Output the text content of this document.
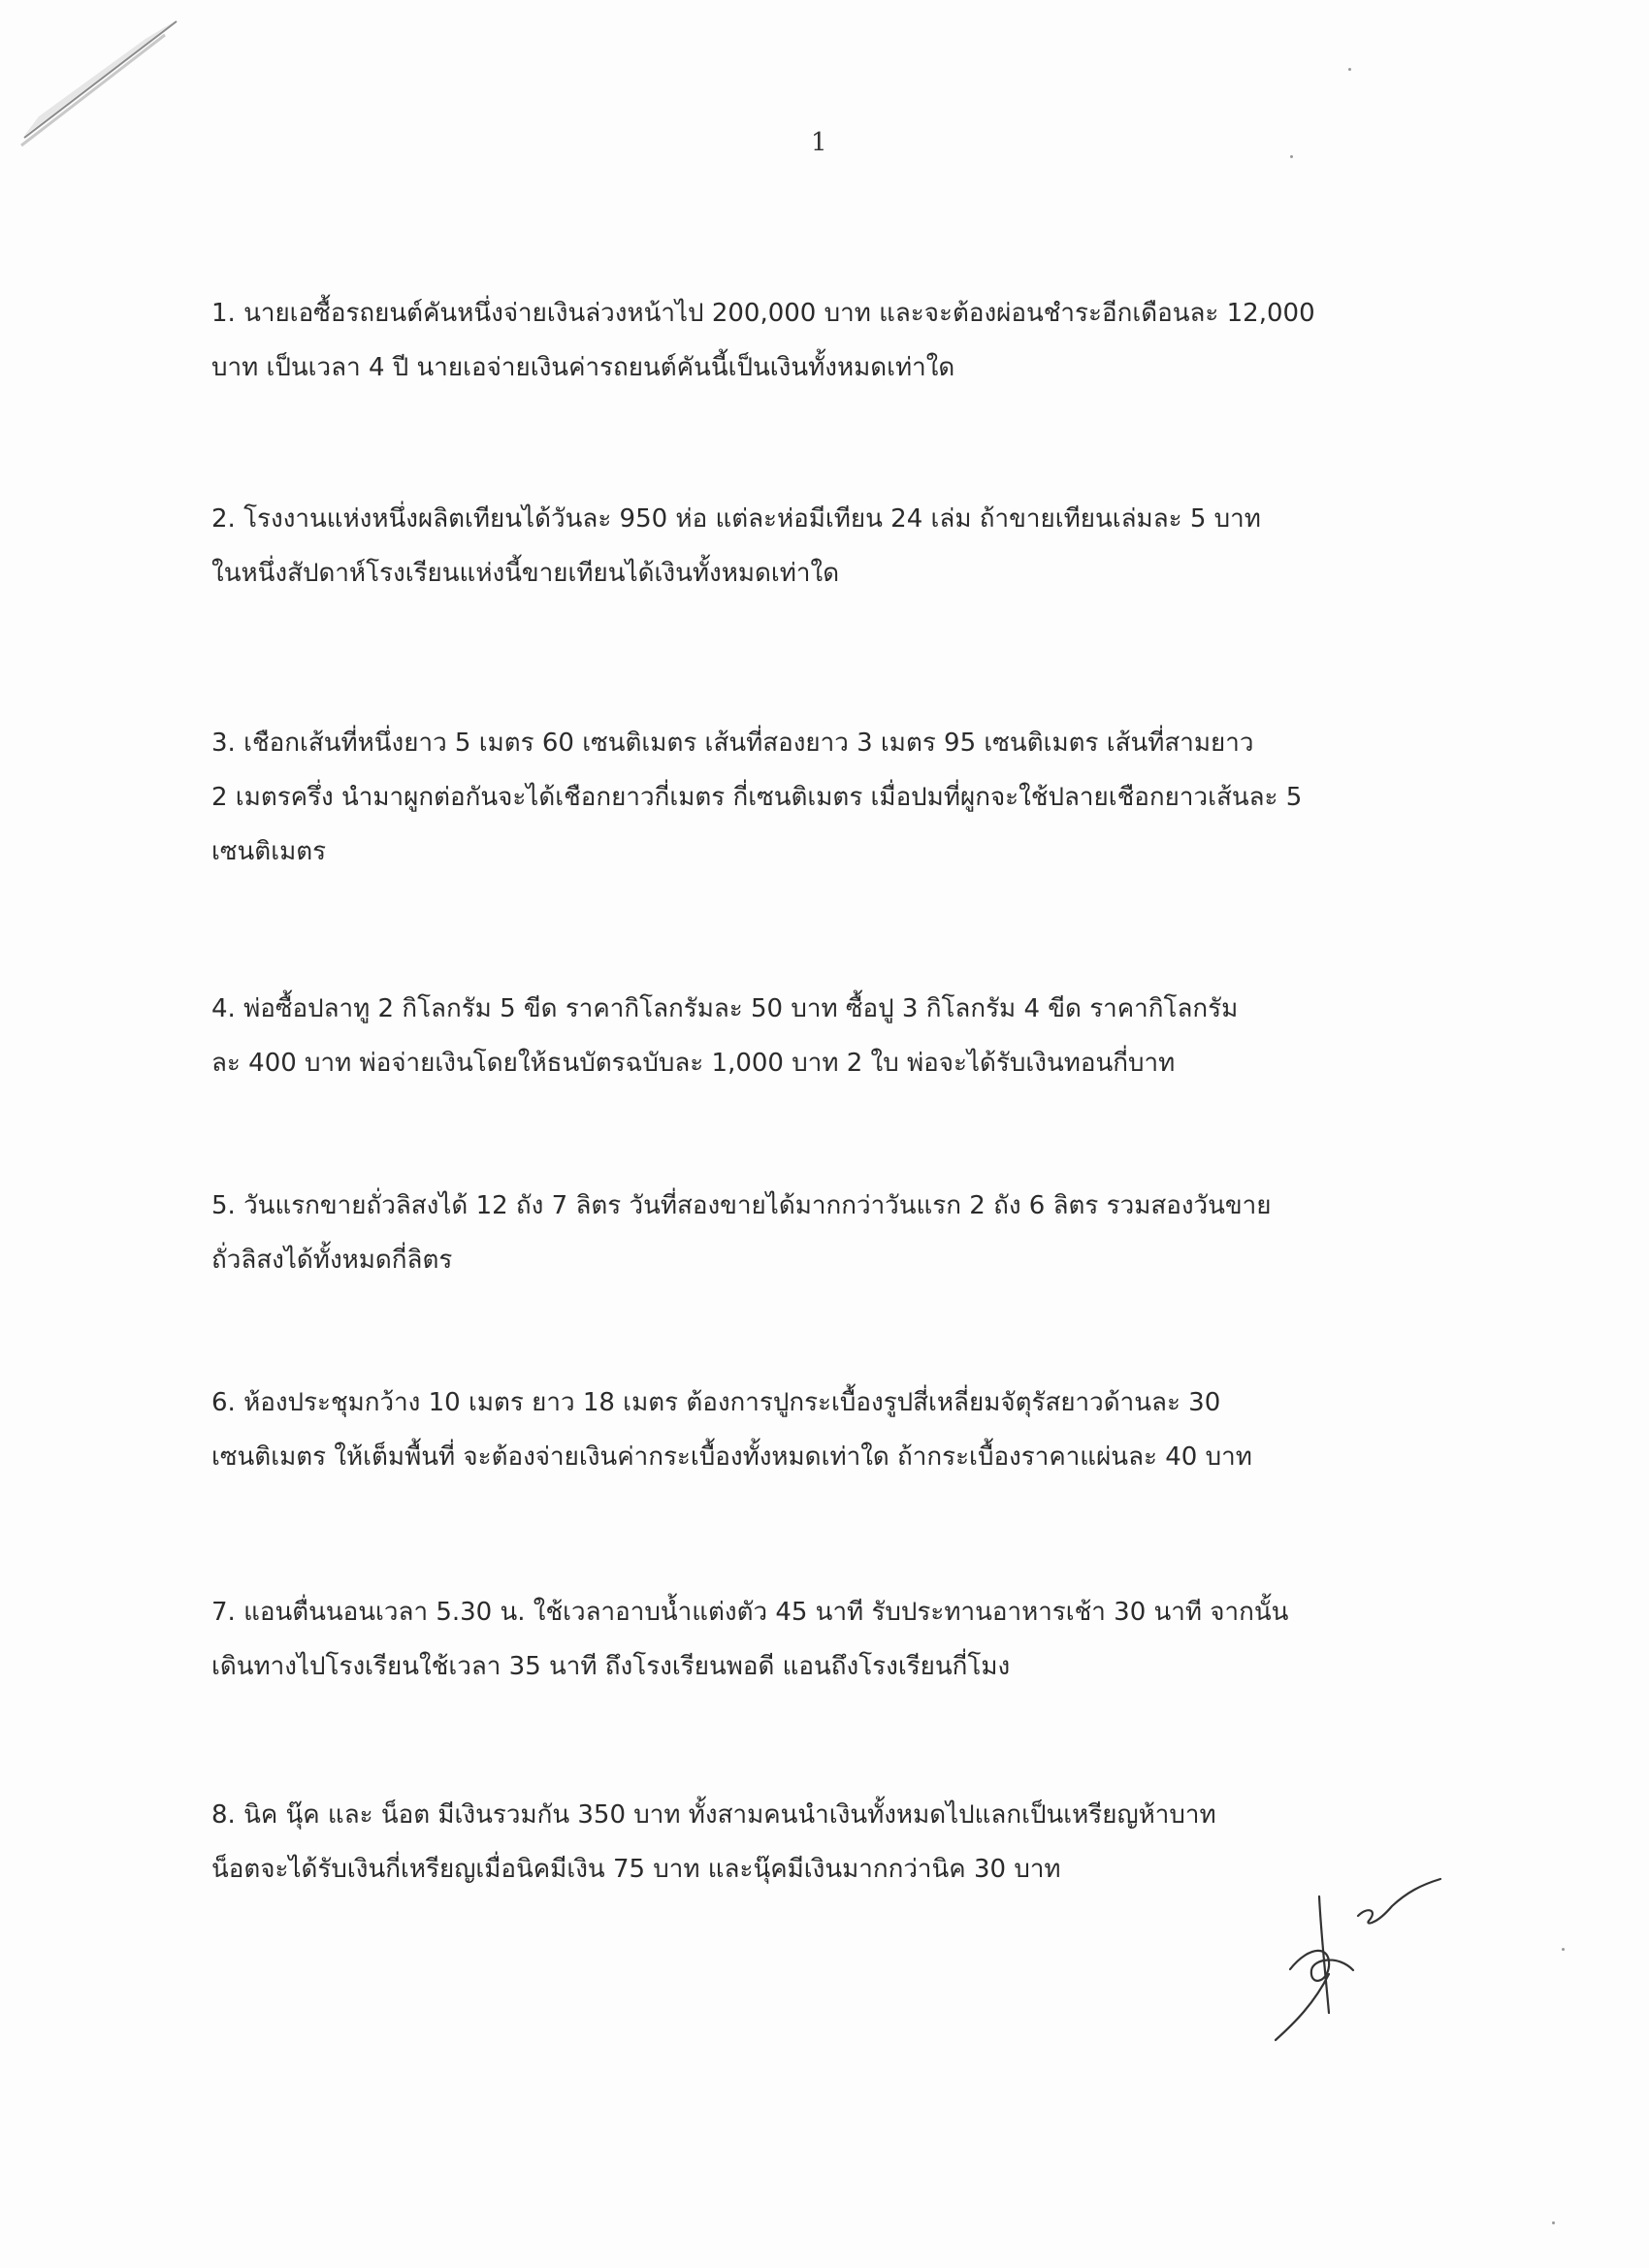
1
1. นายเอซื้อรถยนต์คันหนึ่งจ่ายเงินล่วงหน้าไป 200,000 บาท และจะต้องผ่อนชำระอีกเดือนละ 12,000
บาท เป็นเวลา 4 ปี นายเอจ่ายเงินค่ารถยนต์คันนี้เป็นเงินทั้งหมดเท่าใด
2. โรงงานแห่งหนึ่งผลิตเทียนได้วันละ 950 ห่อ แต่ละห่อมีเทียน 24 เล่ม ถ้าขายเทียนเล่มละ 5 บาท
ในหนึ่งสัปดาห์โรงเรียนแห่งนี้ขายเทียนได้เงินทั้งหมดเท่าใด
3. เชือกเส้นที่หนึ่งยาว 5 เมตร 60 เซนติเมตร เส้นที่สองยาว 3 เมตร 95 เซนติเมตร เส้นที่สามยาว
2 เมตรครึ่ง นำมาผูกต่อกันจะได้เชือกยาวกี่เมตร กี่เซนติเมตร เมื่อปมที่ผูกจะใช้ปลายเชือกยาวเส้นละ 5
เซนติเมตร
4. พ่อซื้อปลาทู 2 กิโลกรัม 5 ขีด ราคากิโลกรัมละ 50 บาท ซื้อปู 3 กิโลกรัม 4 ขีด ราคากิโลกรัม
ละ 400 บาท พ่อจ่ายเงินโดยให้ธนบัตรฉบับละ 1,000 บาท 2 ใบ พ่อจะได้รับเงินทอนกี่บาท
5. วันแรกขายถั่วลิสงได้ 12 ถัง 7 ลิตร วันที่สองขายได้มากกว่าวันแรก 2 ถัง 6 ลิตร รวมสองวันขาย
ถั่วลิสงได้ทั้งหมดกี่ลิตร
6. ห้องประชุมกว้าง 10 เมตร ยาว 18 เมตร ต้องการปูกระเบื้องรูปสี่เหลี่ยมจัตุรัสยาวด้านละ 30
เซนติเมตร ให้เต็มพื้นที่ จะต้องจ่ายเงินค่ากระเบื้องทั้งหมดเท่าใด ถ้ากระเบื้องราคาแผ่นละ 40 บาท
7. แอนตื่นนอนเวลา 5.30 น. ใช้เวลาอาบน้ำแต่งตัว 45 นาที รับประทานอาหารเช้า 30 นาที จากนั้น
เดินทางไปโรงเรียนใช้เวลา 35 นาที ถึงโรงเรียนพอดี แอนถึงโรงเรียนกี่โมง
8. นิค นุ๊ค และ น็อต มีเงินรวมกัน 350 บาท ทั้งสามคนนำเงินทั้งหมดไปแลกเป็นเหรียญห้าบาท
น็อตจะได้รับเงินกี่เหรียญเมื่อนิคมีเงิน 75 บาท และนุ๊คมีเงินมากกว่านิค 30 บาท
